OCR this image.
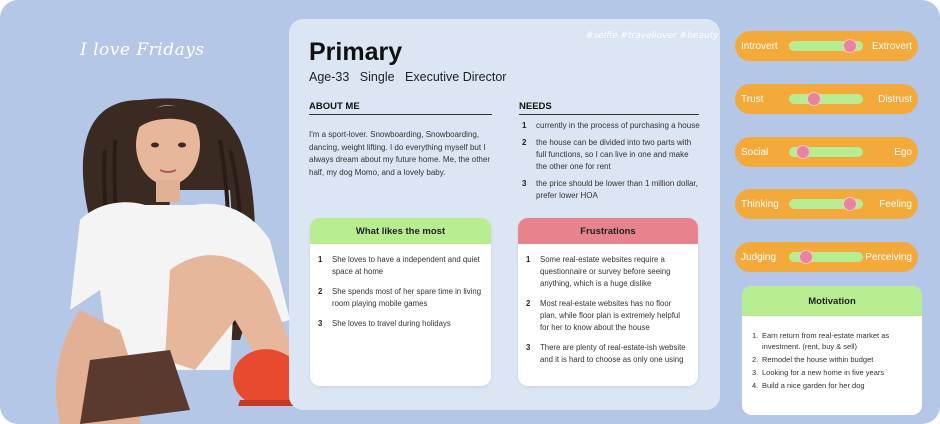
I love Fridays
#selfie #travellover #beauty
Primary
Age-33 Single Executive Director
ABOUT ME
I'm a sport-lover. Snowboarding, Snowboarding, dancing, weight lifting. I do everything myself but I always dream about my future home. Me, the other half, my dog Momo, and a lovely baby.
NEEDS
1	currently in the process of purchasing a house
2	the house can be divided into two parts with full functions, so I can live in one and make the other one for rent
3	the price should be lower than 1 million dollar, prefer lower HOA
What likes the most
1	She loves to have a independent and quiet space at home
2	She spends most of her spare time in living room playing mobile games
3	She loves to travel during holidays
Frustrations
1	Some real-estate websites require a questionnaire or survey before seeing anything, which is a huge dislike
2	Most real-estate websites has no floor plan, while floor plan is extremely helpful for her to know about the house
3	There are plenty of real-estate-ish website and it is hard to choose as only one using
Introvert	Extrovert
Trust	Distrust
Social	Ego
Thinking	Feeling
Judging	Perceiving
Motivation
1. Earn return from real-estate market as investment. (rent, buy & sell)
2. Remodel the house within budget
3. Looking for a new home in five years
4. Build a nice garden for her dog
